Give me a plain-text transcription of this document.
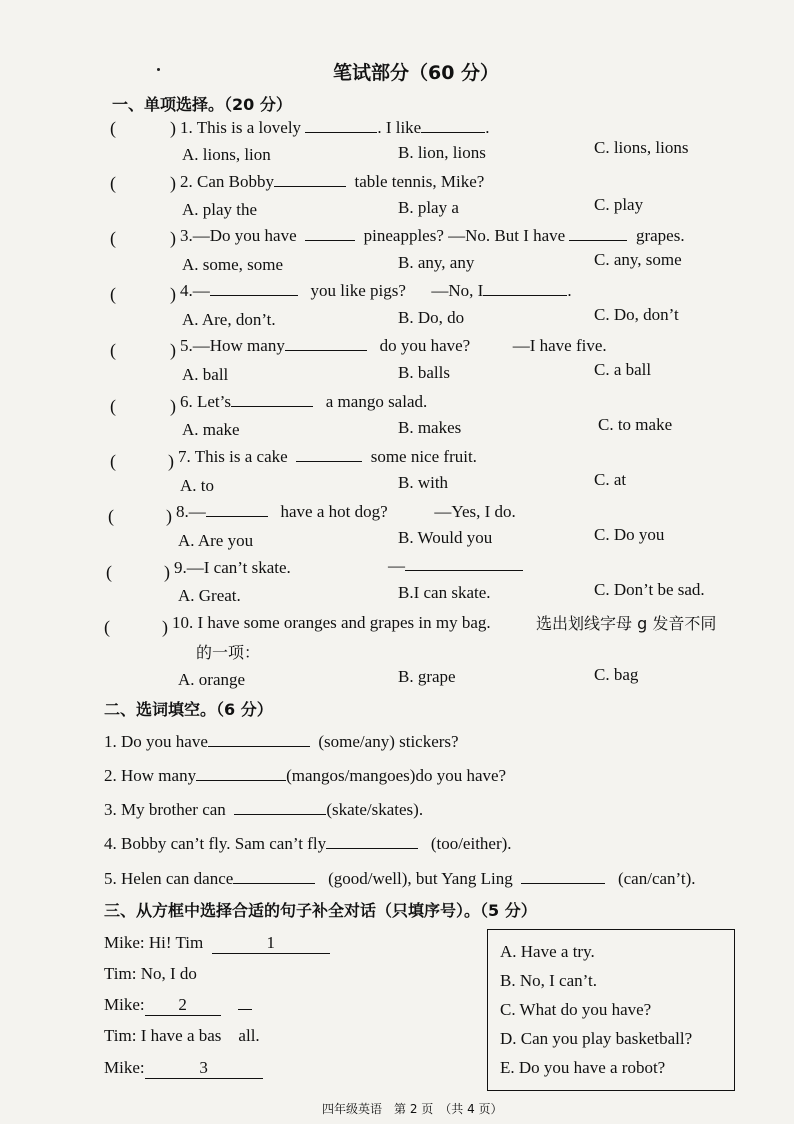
笔试部分（60 分）
一、单项选择。（20 分）
(	) 1. This is a lovely	. I like	.
A. lions, lion	B. lion, lions	C. lions, lions
(	) 2. Can Bobby	table tennis, Mike?
A. play the	B. play a	C. play
(	) 3.—Do you have	pineapples? —No. But I have	grapes.
A. some, some	B. any, any	C. any, some
(	) 4.—	you like pigs? —No, I	.
A. Are, don’t.	B. Do, do	C. Do, don’t
(	) 5.—How many	do you have?	—I have five.
A. ball	B. balls	C. a ball
(	) 6. Let’s	a mango salad.
A. make	B. makes	C. to make
(	) 7. This is a cake	some nice fruit.
A. to	B. with	C. at
(	) 8.—	have a hot dog?	—Yes, I do.
A. Are you	B. Would you	C. Do you
(	) 9.—I can’t skate.	—
A. Great.	B.I can skate.	C. Don’t be sad.
(	) 10. I have some oranges and grapes in my bag.	选出划线字母 g 发音不同
的一项：
A. orange	B. grape	C. bag
二、选词填空。（6 分）
1. Do you have	(some/any) stickers?
2. How many	(mangos/mangoes)do you have?
3. My brother can	(skate/skates).
4. Bobby can’t fly. Sam can’t fly	(too/either).
5. Helen can dance	(good/well), but Yang Ling	(can/can’t).
三、从方框中选择合适的句子补全对话（只填序号）。（5 分）
Mike: Hi! Tim	1
Tim: No, I do
Mike: 2
Tim: I have a bas all.
Mike:	3
A. Have a try.
B. No, I can’t.
C. What do you have?
D. Can you play basketball?
E. Do you have a robot?
四年级英语　第 2 页　（共 4 页）
